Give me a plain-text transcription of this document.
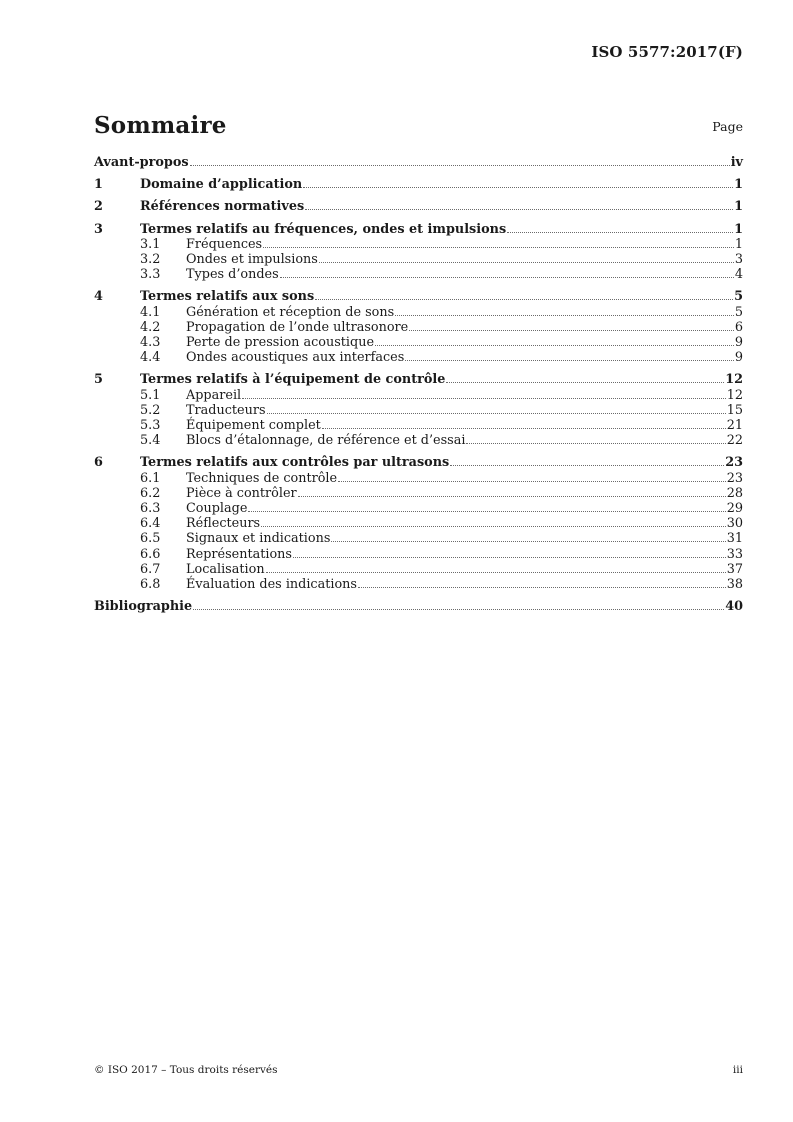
ISO 5577:2017(F)
Sommaire	Page
Avant-propos	iv
1	Domaine d’application	1
2	Références normatives	1
3	Termes relatifs au fréquences, ondes et impulsions	1
3.1	Fréquences	1
3.2	Ondes et impulsions	3
3.3	Types d’ondes	4
4	Termes relatifs aux sons	5
4.1	Génération et réception de sons	5
4.2	Propagation de l’onde ultrasonore	6
4.3	Perte de pression acoustique	9
4.4	Ondes acoustiques aux interfaces	9
5	Termes relatifs à l’équipement de contrôle	12
5.1	Appareil	12
5.2	Traducteurs	15
5.3	Équipement complet	21
5.4	Blocs d’étalonnage, de référence et d’essai	22
6	Termes relatifs aux contrôles par ultrasons	23
6.1	Techniques de contrôle	23
6.2	Pièce à contrôler	28
6.3	Couplage	29
6.4	Réflecteurs	30
6.5	Signaux et indications	31
6.6	Représentations	33
6.7	Localisation	37
6.8	Évaluation des indications	38
Bibliographie	40
© ISO 2017 – Tous droits réservés	iii
